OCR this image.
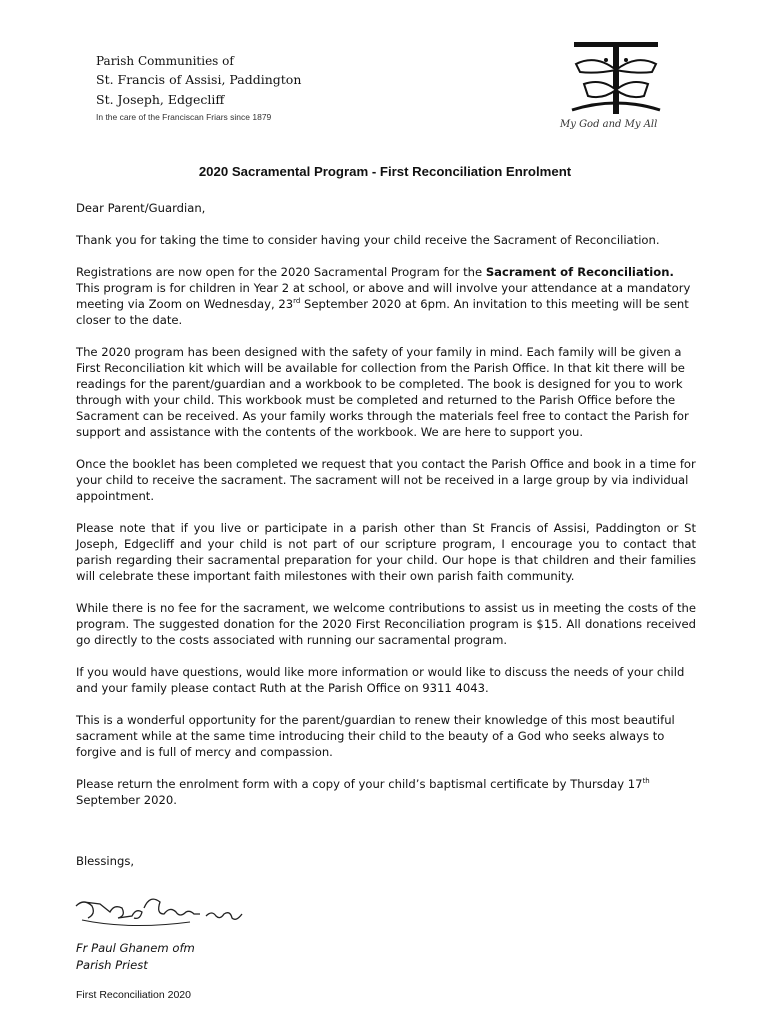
Parish Communities of
St. Francis of Assisi, Paddington
St. Joseph, Edgecliff
In the care of the Franciscan Friars since 1879
My God and My All
2020 Sacramental Program - First Reconciliation Enrolment

Dear Parent/Guardian,

Thank you for taking the time to consider having your child receive the Sacrament of Reconciliation.

Registrations are now open for the 2020 Sacramental Program for the Sacrament of Reconciliation. This program is for children in Year 2 at school, or above and will involve your attendance at a mandatory meeting via Zoom on Wednesday, 23rd September 2020 at 6pm. An invitation to this meeting will be sent closer to the date.

The 2020 program has been designed with the safety of your family in mind. Each family will be given a First Reconciliation kit which will be available for collection from the Parish Office. In that kit there will be readings for the parent/guardian and a workbook to be completed. The book is designed for you to work through with your child. This workbook must be completed and returned to the Parish Office before the Sacrament can be received. As your family works through the materials feel free to contact the Parish for support and assistance with the contents of the workbook. We are here to support you.

Once the booklet has been completed we request that you contact the Parish Office and book in a time for your child to receive the sacrament. The sacrament will not be received in a large group by via individual appointment.

Please note that if you live or participate in a parish other than St Francis of Assisi, Paddington or St Joseph, Edgecliff and your child is not part of our scripture program, I encourage you to contact that parish regarding their sacramental preparation for your child. Our hope is that children and their families will celebrate these important faith milestones with their own parish faith community.

While there is no fee for the sacrament, we welcome contributions to assist us in meeting the costs of the program. The suggested donation for the 2020 First Reconciliation program is $15. All donations received go directly to the costs associated with running our sacramental program.

If you would have questions, would like more information or would like to discuss the needs of your child and your family please contact Ruth at the Parish Office on 9311 4043.

This is a wonderful opportunity for the parent/guardian to renew their knowledge of this most beautiful sacrament while at the same time introducing their child to the beauty of a God who seeks always to forgive and is full of mercy and compassion.

Please return the enrolment form with a copy of your child’s baptismal certificate by Thursday 17th September 2020.

Blessings,
Fr Paul Ghanem ofm
Parish Priest
First Reconciliation 2020
